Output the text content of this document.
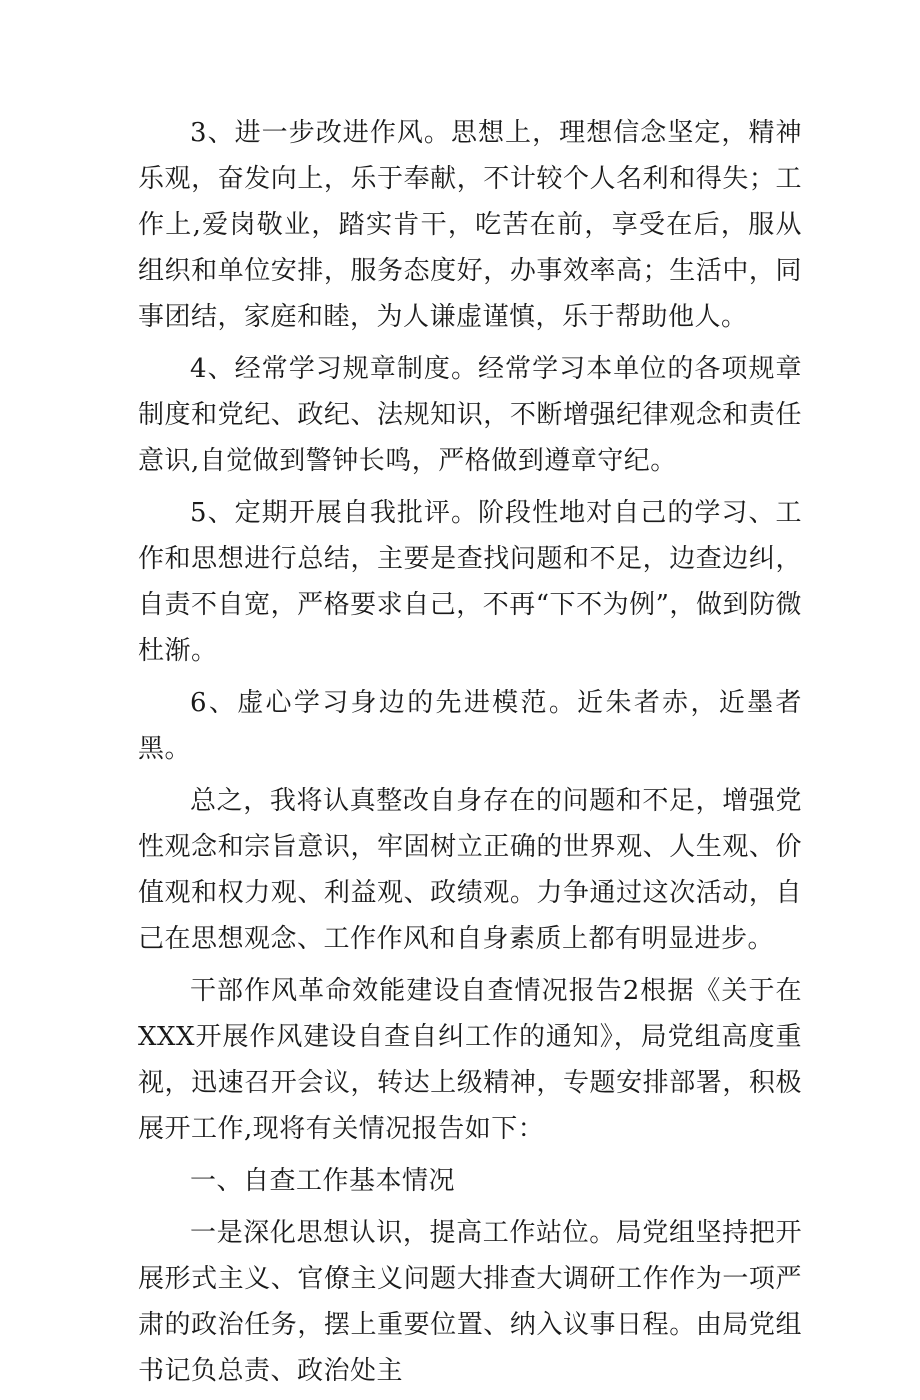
3、进一步改进作风。思想上，理想信念坚定，精神乐观，奋发向上，乐于奉献，不计较个人名利和得失；工作上,爱岗敬业，踏实肯干，吃苦在前，享受在后，服从组织和单位安排，服务态度好，办事效率高；生活中，同事团结，家庭和睦，为人谦虚谨慎，乐于帮助他人。

4、经常学习规章制度。经常学习本单位的各项规章制度和党纪、政纪、法规知识，不断增强纪律观念和责任意识,自觉做到警钟长鸣，严格做到遵章守纪。

5、定期开展自我批评。阶段性地对自己的学习、工作和思想进行总结，主要是查找问题和不足，边查边纠，自责不自宽，严格要求自己，不再“下不为例”，做到防微杜渐。

6、虚心学习身边的先进模范。近朱者赤，近墨者黑。

总之，我将认真整改自身存在的问题和不足，增强党性观念和宗旨意识，牢固树立正确的世界观、人生观、价值观和权力观、利益观、政绩观。力争通过这次活动，自己在思想观念、工作作风和自身素质上都有明显进步。

干部作风革命效能建设自查情况报告2根据《关于在XXX开展作风建设自查自纠工作的通知》，局党组高度重视，迅速召开会议，转达上级精神，专题安排部署，积极展开工作,现将有关情况报告如下：

一、自查工作基本情况

一是深化思想认识，提高工作站位。局党组坚持把开展形式主义、官僚主义问题大排查大调研工作作为一项严肃的政治任务，摆上重要位置、纳入议事日程。由局党组书记负总责、政治处主
